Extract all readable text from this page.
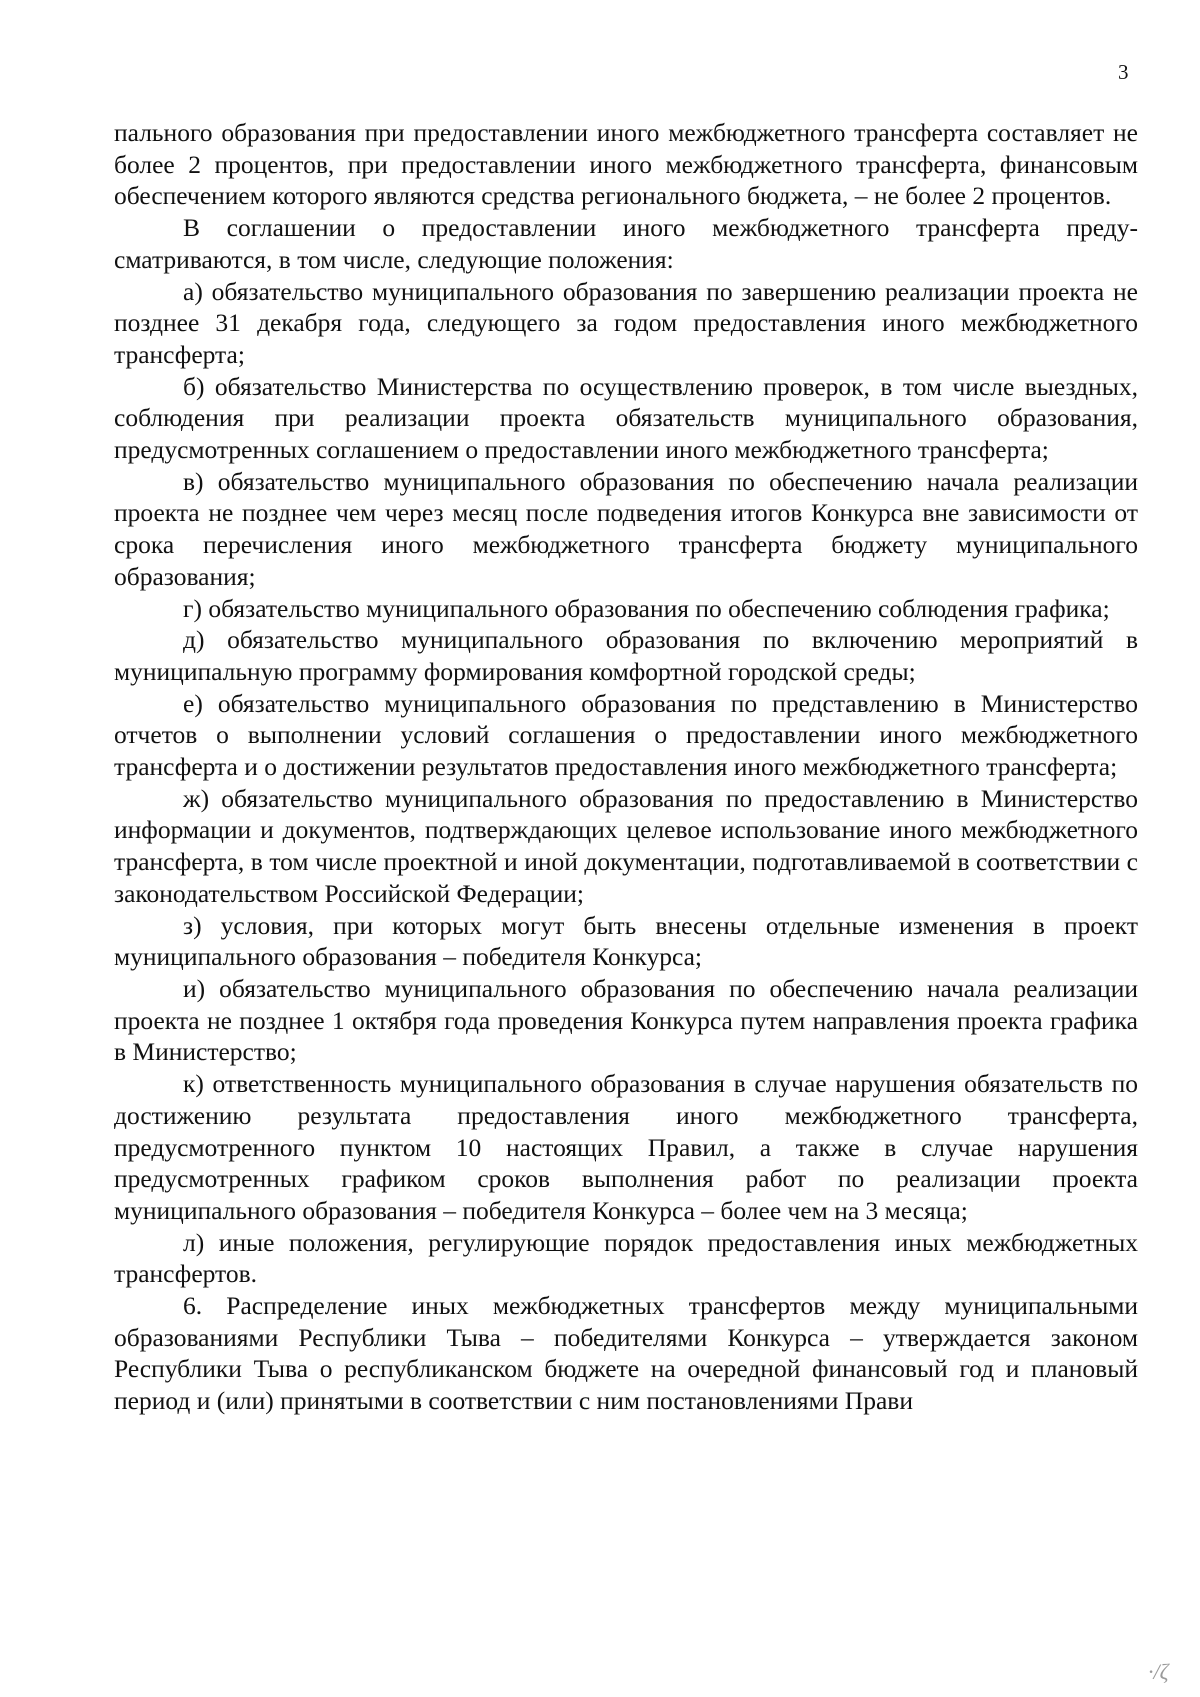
3

пального образования при предоставлении иного межбюджетного трансферта составляет не более 2 процентов, при предоставлении иного межбюджетного трансферта, финансовым обеспечением которого являются средства регионального бюджета, – не более 2 процентов.

В соглашении о предоставлении иного межбюджетного трансферта предусматриваются, в том числе, следующие положения:

а) обязательство муниципального образования по завершению реализации проекта не позднее 31 декабря года, следующего за годом предоставления иного межбюджетного трансферта;

б) обязательство Министерства по осуществлению проверок, в том числе выездных, соблюдения при реализации проекта обязательств муниципального образования, предусмотренных соглашением о предоставлении иного межбюджетного трансферта;

в) обязательство муниципального образования по обеспечению начала реализации проекта не позднее чем через месяц после подведения итогов Конкурса вне зависимости от срока перечисления иного межбюджетного трансферта бюджету муниципального образования;

г) обязательство муниципального образования по обеспечению соблюдения графика;

д) обязательство муниципального образования по включению мероприятий в муниципальную программу формирования комфортной городской среды;

е) обязательство муниципального образования по представлению в Министерство отчетов о выполнении условий соглашения о предоставлении иного межбюджетного трансферта и о достижении результатов предоставления иного межбюджетного трансферта;

ж) обязательство муниципального образования по предоставлению в Министерство информации и документов, подтверждающих целевое использование иного межбюджетного трансферта, в том числе проектной и иной документации, подготавливаемой в соответствии с законодательством Российской Федерации;

з) условия, при которых могут быть внесены отдельные изменения в проект муниципального образования – победителя Конкурса;

и) обязательство муниципального образования по обеспечению начала реализации проекта не позднее 1 октября года проведения Конкурса путем направления проекта графика в Министерство;

к) ответственность муниципального образования в случае нарушения обязательств по достижению результата предоставления иного межбюджетного трансферта, предусмотренного пунктом 10 настоящих Правил, а также в случае нарушения предусмотренных графиком сроков выполнения работ по реализации проекта муниципального образования – победителя Конкурса – более чем на 3 месяца;

л) иные положения, регулирующие порядок предоставления иных межбюджетных трансфертов.

6. Распределение иных межбюджетных трансфертов между муниципальными образованиями Республики Тыва – победителями Конкурса – утверждается законом Республики Тыва о республиканском бюджете на очередной финансовый год и плановый период и (или) принятыми в соответствии с ним постановлениями Прави

·/ζ
